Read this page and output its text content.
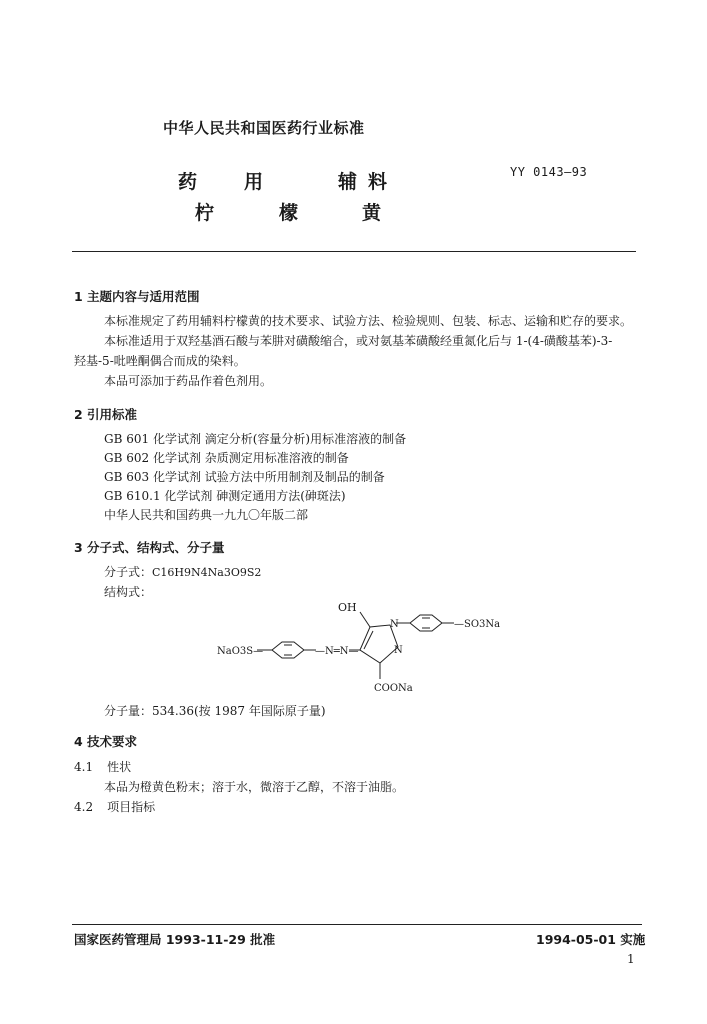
中华人民共和国医药行业标准
药 用	辅 料
柠	檬	黄
YY 0143—93
1 主题内容与适用范围
本标准规定了药用辅料柠檬黄的技术要求、试验方法、检验规则、包装、标志、运输和贮存的要求。
本标准适用于双羟基酒石酸与苯肼对磺酸缩合，或对氨基苯磺酸经重氮化后与 1-(4-磺酸基苯)-3-
羟基-5-吡唑酮偶合而成的染料。
本品可添加于药品作着色剂用。
2 引用标准
GB 601 化学试剂 滴定分析(容量分析)用标准溶液的制备
GB 602 化学试剂 杂质测定用标准溶液的制备
GB 603 化学试剂 试验方法中所用制剂及制品的制备
GB 610.1 化学试剂 砷测定通用方法(砷斑法)
中华人民共和国药典一九九〇年版二部
3 分子式、结构式、分子量
分子式：C16H9N4Na3O9S2
结构式：
OH
—SO3Na
NaO3S—	—N═N—
N
N
COONa
分子量：534.36(按 1987 年国际原子量)
4 技术要求
4.1 性状
本品为橙黄色粉末；溶于水，微溶于乙醇，不溶于油脂。
4.2 项目指标
国家医药管理局 1993-11-29 批准	1994-05-01 实施
1
